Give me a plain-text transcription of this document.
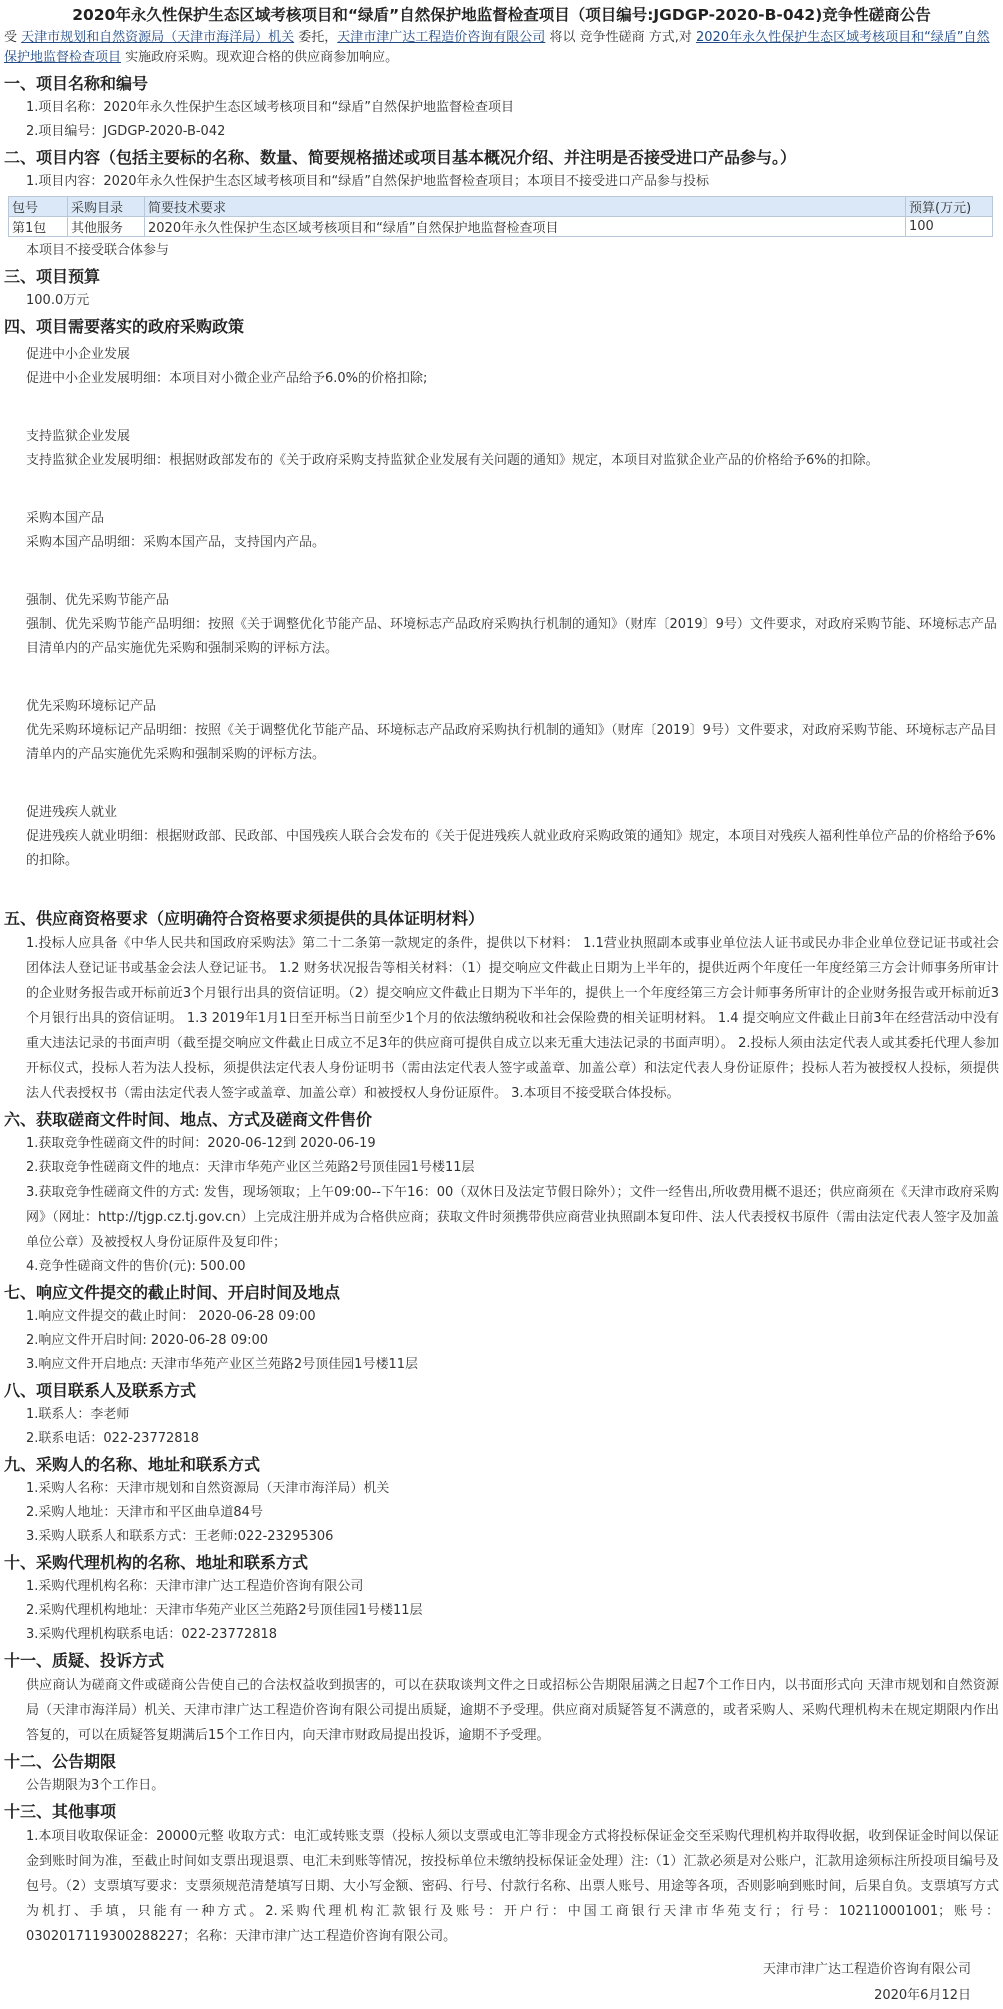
2020年永久性保护生态区域考核项目和“绿盾”自然保护地监督检查项目（项目编号:JGDGP-2020-B-042)竞争性磋商公告
受 天津市规划和自然资源局（天津市海洋局）机关 委托，天津市津广达工程造价咨询有限公司 将以 竞争性磋商 方式,对 2020年永久性保护生态区域考核项目和“绿盾”自然保护地监督检查项目 实施政府采购。现欢迎合格的供应商参加响应。
一、项目名称和编号
1.项目名称：2020年永久性保护生态区域考核项目和“绿盾”自然保护地监督检查项目
2.项目编号：JGDGP-2020-B-042
二、项目内容（包括主要标的名称、数量、简要规格描述或项目基本概况介绍、并注明是否接受进口产品参与。）
1.项目内容：2020年永久性保护生态区域考核项目和“绿盾”自然保护地监督检查项目；本项目不接受进口产品参与投标
包号	采购目录	简要技术要求	预算(万元)
第1包	其他服务	2020年永久性保护生态区域考核项目和“绿盾”自然保护地监督检查项目	100
本项目不接受联合体参与
三、项目预算
100.0万元
四、项目需要落实的政府采购政策
促进中小企业发展
促进中小企业发展明细：本项目对小微企业产品给予6.0%的价格扣除;
支持监狱企业发展
支持监狱企业发展明细：根据财政部发布的《关于政府采购支持监狱企业发展有关问题的通知》规定，本项目对监狱企业产品的价格给予6%的扣除。
采购本国产品
采购本国产品明细：采购本国产品，支持国内产品。
强制、优先采购节能产品
强制、优先采购节能产品明细：按照《关于调整优化节能产品、环境标志产品政府采购执行机制的通知》（财库〔2019〕9号）文件要求，对政府采购节能、环境标志产品目清单内的产品实施优先采购和强制采购的评标方法。
优先采购环境标记产品
优先采购环境标记产品明细：按照《关于调整优化节能产品、环境标志产品政府采购执行机制的通知》（财库〔2019〕9号）文件要求，对政府采购节能、环境标志产品目清单内的产品实施优先采购和强制采购的评标方法。
促进残疾人就业
促进残疾人就业明细：根据财政部、民政部、中国残疾人联合会发布的《关于促进残疾人就业政府采购政策的通知》规定，本项目对残疾人福利性单位产品的价格给予6%的扣除。
五、供应商资格要求（应明确符合资格要求须提供的具体证明材料）
1.投标人应具备《中华人民共和国政府采购法》第二十二条第一款规定的条件，提供以下材料： 1.1营业执照副本或事业单位法人证书或民办非企业单位登记证书或社会团体法人登记证书或基金会法人登记证书。 1.2 财务状况报告等相关材料：（1）提交响应文件截止日期为上半年的，提供近两个年度任一年度经第三方会计师事务所审计的企业财务报告或开标前近3个月银行出具的资信证明。（2）提交响应文件截止日期为下半年的，提供上一个年度经第三方会计师事务所审计的企业财务报告或开标前近3个月银行出具的资信证明。 1.3 2019年1月1日至开标当日前至少1个月的依法缴纳税收和社会保险费的相关证明材料。 1.4 提交响应文件截止日前3年在经营活动中没有重大违法记录的书面声明（截至提交响应文件截止日成立不足3年的供应商可提供自成立以来无重大违法记录的书面声明）。 2.投标人须由法定代表人或其委托代理人参加开标仪式，投标人若为法人投标，须提供法定代表人身份证明书（需由法定代表人签字或盖章、加盖公章）和法定代表人身份证原件；投标人若为被授权人投标，须提供法人代表授权书（需由法定代表人签字或盖章、加盖公章）和被授权人身份证原件。 3.本项目不接受联合体投标。
六、获取磋商文件时间、地点、方式及磋商文件售价
1.获取竞争性磋商文件的时间：2020-06-12到 2020-06-19
2.获取竞争性磋商文件的地点：天津市华苑产业区兰苑路2号顶佳园1号楼11层
3.获取竞争性磋商文件的方式: 发售，现场领取；上午09:00--下午16：00（双休日及法定节假日除外）；文件一经售出,所收费用概不退还；供应商须在《天津市政府采购网》（网址：http://tjgp.cz.tj.gov.cn）上完成注册并成为合格供应商；获取文件时须携带供应商营业执照副本复印件、法人代表授权书原件（需由法定代表人签字及加盖单位公章）及被授权人身份证原件及复印件；
4.竞争性磋商文件的售价(元): 500.00
七、响应文件提交的截止时间、开启时间及地点
1.响应文件提交的截止时间： 2020-06-28 09:00
2.响应文件开启时间: 2020-06-28 09:00
3.响应文件开启地点: 天津市华苑产业区兰苑路2号顶佳园1号楼11层
八、项目联系人及联系方式
1.联系人：李老师
2.联系电话：022-23772818
九、采购人的名称、地址和联系方式
1.采购人名称：天津市规划和自然资源局（天津市海洋局）机关
2.采购人地址：天津市和平区曲阜道84号
3.采购人联系人和联系方式：王老师:022-23295306
十、采购代理机构的名称、地址和联系方式
1.采购代理机构名称：天津市津广达工程造价咨询有限公司
2.采购代理机构地址：天津市华苑产业区兰苑路2号顶佳园1号楼11层
3.采购代理机构联系电话：022-23772818
十一、质疑、投诉方式
供应商认为磋商文件或磋商公告使自己的合法权益收到损害的，可以在获取谈判文件之日或招标公告期限届满之日起7个工作日内，以书面形式向 天津市规划和自然资源局（天津市海洋局）机关、天津市津广达工程造价咨询有限公司提出质疑，逾期不予受理。供应商对质疑答复不满意的，或者采购人、采购代理机构未在规定期限内作出答复的，可以在质疑答复期满后15个工作日内，向天津市财政局提出投诉，逾期不予受理。
十二、公告期限
公告期限为3个工作日。
十三、其他事项
1.本项目收取保证金：20000元整 收取方式：电汇或转账支票（投标人须以支票或电汇等非现金方式将投标保证金交至采购代理机构并取得收据，收到保证金时间以保证金到账时间为准，至截止时间如支票出现退票、电汇未到账等情况，按投标单位未缴纳投标保证金处理）注:（1）汇款必须是对公账户，汇款用途须标注所投项目编号及包号。（2）支票填写要求：支票须规范清楚填写日期、大小写金额、密码、行号、付款行名称、出票人账号、用途等各项，否则影响到账时间，后果自负。支票填写方式为机打、手填，只能有一种方式。2.采购代理机构汇款银行及账号：开户行：中国工商银行天津市华苑支行；行号：102110001001；账号：0302017119300288227；名称：天津市津广达工程造价咨询有限公司。
天津市津广达工程造价咨询有限公司
2020年6月12日
